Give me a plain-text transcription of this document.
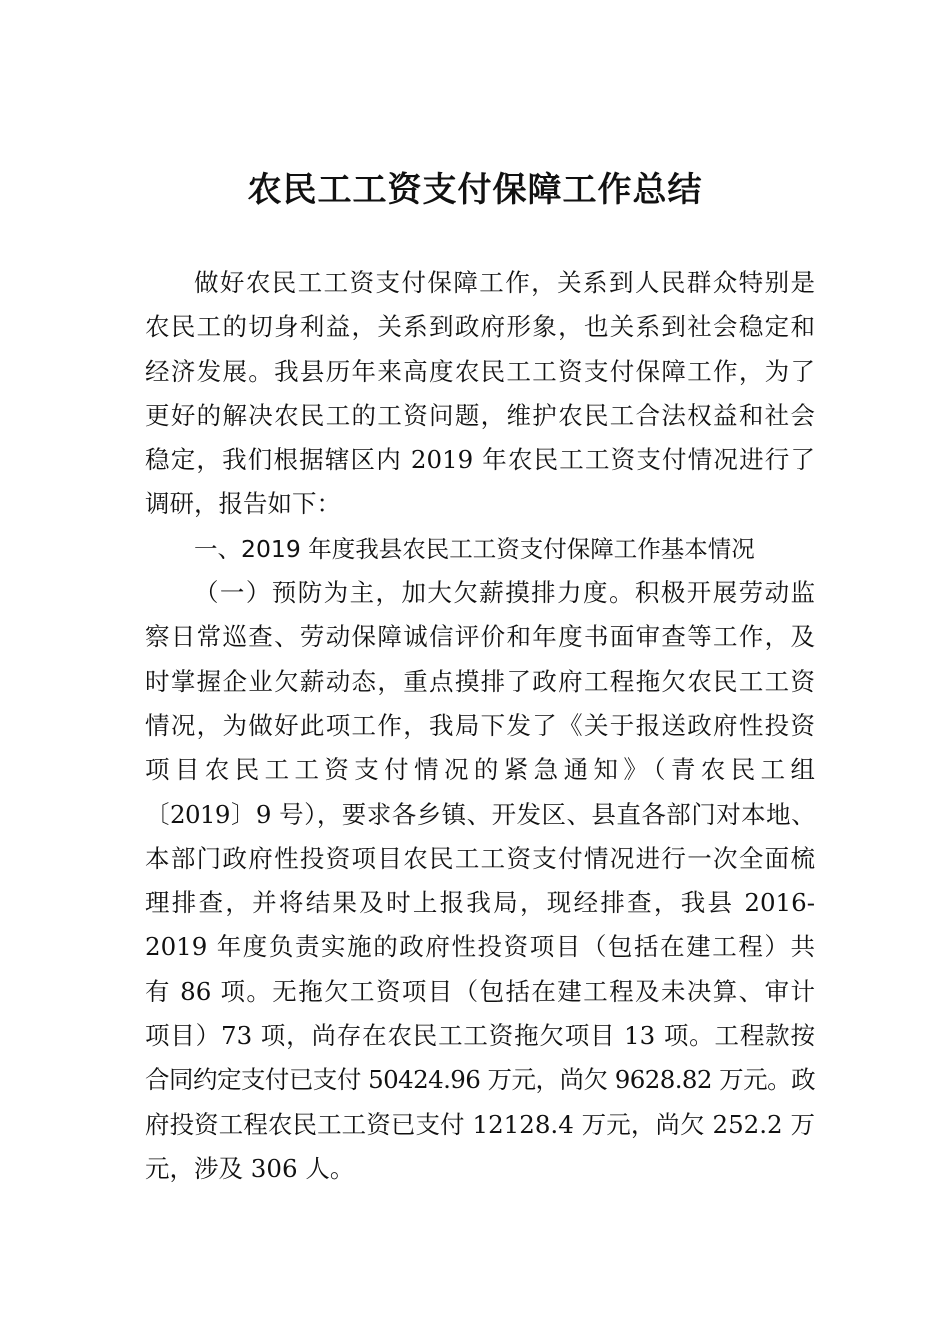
农民工工资支付保障工作总结
做好农民工工资支付保障工作，关系到人民群众特别是
农民工的切身利益，关系到政府形象，也关系到社会稳定和
经济发展。我县历年来高度农民工工资支付保障工作，为了
更好的解决农民工的工资问题，维护农民工合法权益和社会
稳定，我们根据辖区内 2019 年农民工工资支付情况进行了
调研，报告如下：
一、2019 年度我县农民工工资支付保障工作基本情况
（一）预防为主，加大欠薪摸排力度。积极开展劳动监
察日常巡查、劳动保障诚信评价和年度书面审查等工作，及
时掌握企业欠薪动态，重点摸排了政府工程拖欠农民工工资
情况，为做好此项工作，我局下发了《关于报送政府性投资
项目农民工工资支付情况的紧急通知》（青农民工组
〔2019〕9 号），要求各乡镇、开发区、县直各部门对本地、
本部门政府性投资项目农民工工资支付情况进行一次全面梳
理排查，并将结果及时上报我局，现经排查，我县 2016-
2019 年度负责实施的政府性投资项目（包括在建工程）共
有 86 项。无拖欠工资项目（包括在建工程及未决算、审计
项目）73 项，尚存在农民工工资拖欠项目 13 项。工程款按
合同约定支付已支付 50424.96 万元，尚欠 9628.82 万元。政
府投资工程农民工工资已支付 12128.4 万元，尚欠 252.2 万
元，涉及 306 人。
